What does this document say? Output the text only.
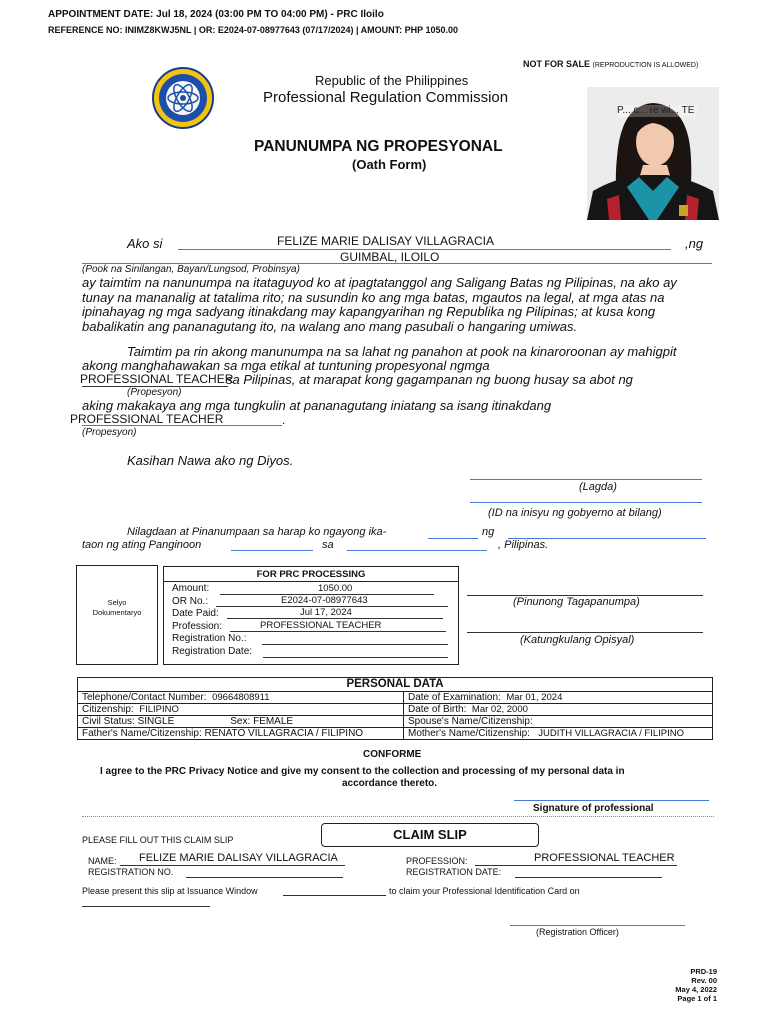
APPOINTMENT DATE: Jul 18, 2024 (03:00 PM TO 04:00 PM) - PRC Iloilo
REFERENCE NO: INIMZ8KWJ5NL | OR: E2024-07-08977643 (07/17/2024) | AMOUNT: PHP 1050.00
NOT FOR SALE (REPRODUCTION IS ALLOWED)
Republic of the Philippines
Professional Regulation Commission
PANUNUMPA NG PROPESYONAL
(Oath Form)
P... c... re wi... TE
Ako si	FELIZE MARIE DALISAY VILLAGRACIA	,ng
GUIMBAL, ILOILO
(Pook na Sinilangan, Bayan/Lungsod, Probinsya)
ay taimtim na nanunumpa na itataguyod ko at ipagtatanggol ang Saligang Batas ng Pilipinas, na ako ay
tunay na mananalig at tatalima rito; na susundin ko ang mga batas, mgautos na legal, at mga atas na
ipinahayag ng mga sadyang itinakdang may kapangyarihan ng Republika ng Pilipinas; at kusa kong
babalikatin ang pananagutang ito, na walang ano mang pasubali o hangaring umiwas.
Taimtim pa rin akong manunumpa na sa lahat ng panahon at pook na kinaroroonan ay mahigpit
akong manghahawakan sa mga etikal at tuntuning propesyonal ngmga
PROFESSIONAL TEACHER
sa Pilipinas, at marapat kong gagampanan ng buong husay sa abot ng
(Propesyon)
aking makakaya ang mga tungkulin at pananagutang iniatang sa isang itinakdang
PROFESSIONAL TEACHER	.
(Propesyon)
Kasihan Nawa ako ng Diyos.
(Lagda)
(ID na inisyu ng gobyerno at bilang)
Nilagdaan at Pinanumpaan sa harap ko ngayong ika-	ng
taon ng ating Panginoon	sa	, Pilipinas.
Selyo
Dokumentaryo
FOR PRC PROCESSING
Amount:	1050.00
OR No.:	E2024-07-08977643
Date Paid:	Jul 17, 2024
Profession:	PROFESSIONAL TEACHER
Registration No.:
Registration Date:
(Pinunong Tagapanumpa)
(Katungkulang Opisyal)
PERSONAL DATA	
Telephone/Contact Number: 09664808911	Date of Examination: Mar 01, 2024
Citizenship: FILIPINO	Date of Birth: Mar 02, 2000
Civil Status: SINGLE Sex: FEMALE	Spouse's Name/Citizenship:
Father's Name/Citizenship: RENATO VILLAGRACIA / FILIPINO	Mother's Name/Citizenship: JUDITH VILLAGRACIA / FILIPINO
CONFORME
I agree to the PRC Privacy Notice and give my consent to the collection and processing of my personal data in
accordance thereto.
Signature of professional
PLEASE FILL OUT THIS CLAIM SLIP	CLAIM SLIP
NAME: FELIZE MARIE DALISAY VILLAGRACIA
REGISTRATION NO.
PROFESSION:	PROFESSIONAL TEACHER
REGISTRATION DATE:
Please present this slip at Issuance Window	to claim your Professional Identification Card on
(Registration Officer)
PRD-19
Rev. 00
May 4, 2022
Page 1 of 1
